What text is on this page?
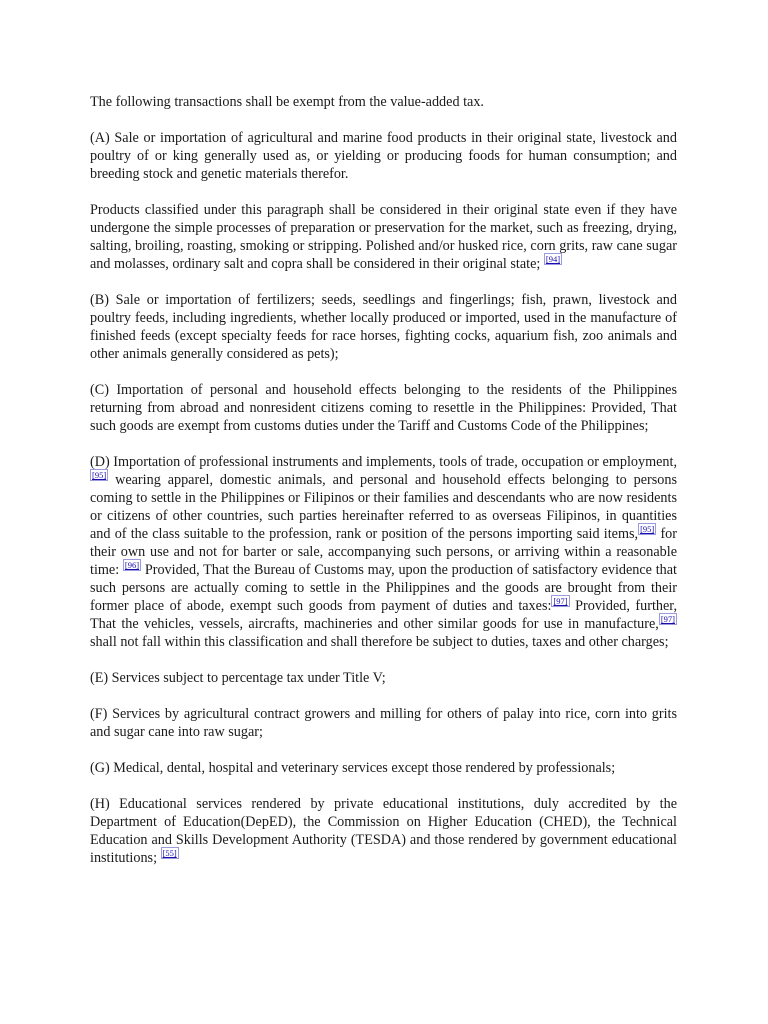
The following transactions shall be exempt from the value-added tax.

(A) Sale or importation of agricultural and marine food products in their original state, livestock and poultry of or king generally used as, or yielding or producing foods for human consumption; and breeding stock and genetic materials therefor.

Products classified under this paragraph shall be considered in their original state even if they have undergone the simple processes of preparation or preservation for the market, such as freezing, drying, salting, broiling, roasting, smoking or stripping. Polished and/or husked rice, corn grits, raw cane sugar and molasses, ordinary salt and copra shall be considered in their original state; [94]

(B) Sale or importation of fertilizers; seeds, seedlings and fingerlings; fish, prawn, livestock and poultry feeds, including ingredients, whether locally produced or imported, used in the manufacture of finished feeds (except specialty feeds for race horses, fighting cocks, aquarium fish, zoo animals and other animals generally considered as pets);

(C) Importation of personal and household effects belonging to the residents of the Philippines returning from abroad and nonresident citizens coming to resettle in the Philippines: Provided, That such goods are exempt from customs duties under the Tariff and Customs Code of the Philippines;

(D) Importation of professional instruments and implements, tools of trade, occupation or employment,[95] wearing apparel, domestic animals, and personal and household effects belonging to persons coming to settle in the Philippines or Filipinos or their families and descendants who are now residents or citizens of other countries, such parties hereinafter referred to as overseas Filipinos, in quantities and of the class suitable to the profession, rank or position of the persons importing said items, [95] for their own use and not for barter or sale, accompanying such persons, or arriving within a reasonable time: [96] Provided, That the Bureau of Customs may, upon the production of satisfactory evidence that such persons are actually coming to settle in the Philippines and the goods are brought from their former place of abode, exempt such goods from payment of duties and taxes: [97] Provided, further, That the vehicles, vessels, aircrafts, machineries and other similar goods for use in manufacture, [97] shall not fall within this classification and shall therefore be subject to duties, taxes and other charges;

(E) Services subject to percentage tax under Title V;

(F) Services by agricultural contract growers and milling for others of palay into rice, corn into grits and sugar cane into raw sugar;

(G) Medical, dental, hospital and veterinary services except those rendered by professionals;

(H) Educational services rendered by private educational institutions, duly accredited by the Department of Education(DepED), the Commission on Higher Education (CHED), the Technical Education and Skills Development Authority (TESDA) and those rendered by government educational institutions; [55]
